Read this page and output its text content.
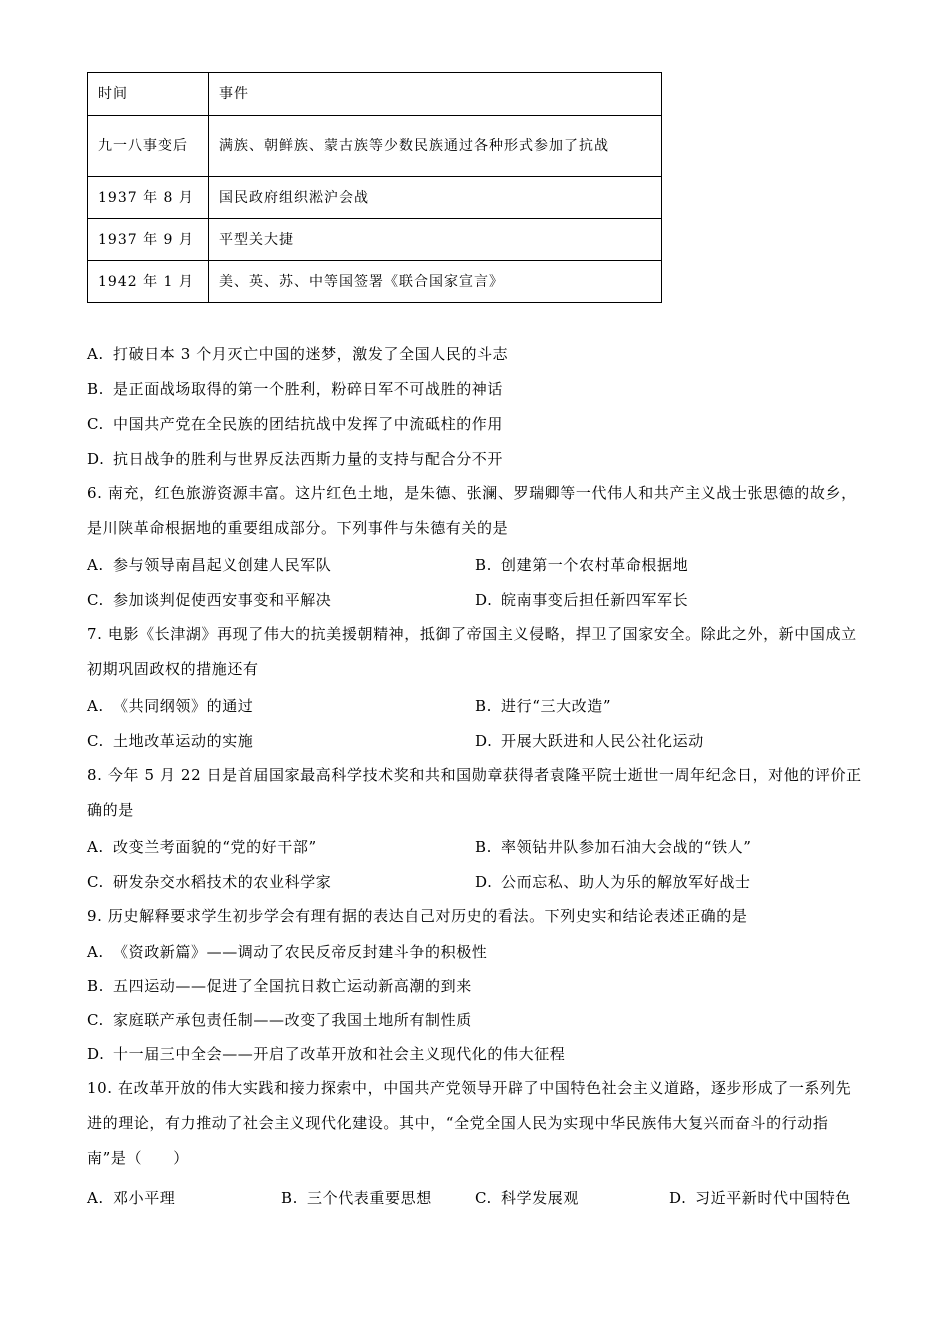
时间	事件
九一八事变后	满族、朝鲜族、蒙古族等少数民族通过各种形式参加了抗战
1937 年 8 月	国民政府组织淞沪会战
1937 年 9 月	平型关大捷
1942 年 1 月	美、英、苏、中等国签署《联合国家宣言》
A. 打破日本 3 个月灭亡中国的迷梦，激发了全国人民的斗志
B. 是正面战场取得的第一个胜利，粉碎日军不可战胜的神话
C. 中国共产党在全民族的团结抗战中发挥了中流砥柱的作用
D. 抗日战争的胜利与世界反法西斯力量的支持与配合分不开
6. 南充，红色旅游资源丰富。这片红色土地，是朱德、张澜、罗瑞卿等一代伟人和共产主义战士张思德的故乡，是川陕革命根据地的重要组成部分。下列事件与朱德有关的是
A. 参与领导南昌起义创建人民军队	B. 创建第一个农村革命根据地
C. 参加谈判促使西安事变和平解决	D. 皖南事变后担任新四军军长
7. 电影《长津湖》再现了伟大的抗美援朝精神，抵御了帝国主义侵略，捍卫了国家安全。除此之外，新中国成立初期巩固政权的措施还有
A. 《共同纲领》的通过	B. 进行“三大改造”
C. 土地改革运动的实施	D. 开展大跃进和人民公社化运动
8. 今年 5 月 22 日是首届国家最高科学技术奖和共和国勋章获得者袁隆平院士逝世一周年纪念日，对他的评价正确的是
A. 改变兰考面貌的“党的好干部”	B. 率领钻井队参加石油大会战的“铁人”
C. 研发杂交水稻技术的农业科学家	D. 公而忘私、助人为乐的解放军好战士
9. 历史解释要求学生初步学会有理有据的表达自己对历史的看法。下列史实和结论表述正确的是
A. 《资政新篇》——调动了农民反帝反封建斗争的积极性
B. 五四运动——促进了全国抗日救亡运动新高潮的到来
C. 家庭联产承包责任制——改变了我国土地所有制性质
D. 十一届三中全会——开启了改革开放和社会主义现代化的伟大征程
10. 在改革开放的伟大实践和接力探索中，中国共产党领导开辟了中国特色社会主义道路，逐步形成了一系列先进的理论，有力推动了社会主义现代化建设。其中，“全党全国人民为实现中华民族伟大复兴而奋斗的行动指南”是（　　）
A. 邓小平理	B. 三个代表重要思想	C. 科学发展观	D. 习近平新时代中国特色
